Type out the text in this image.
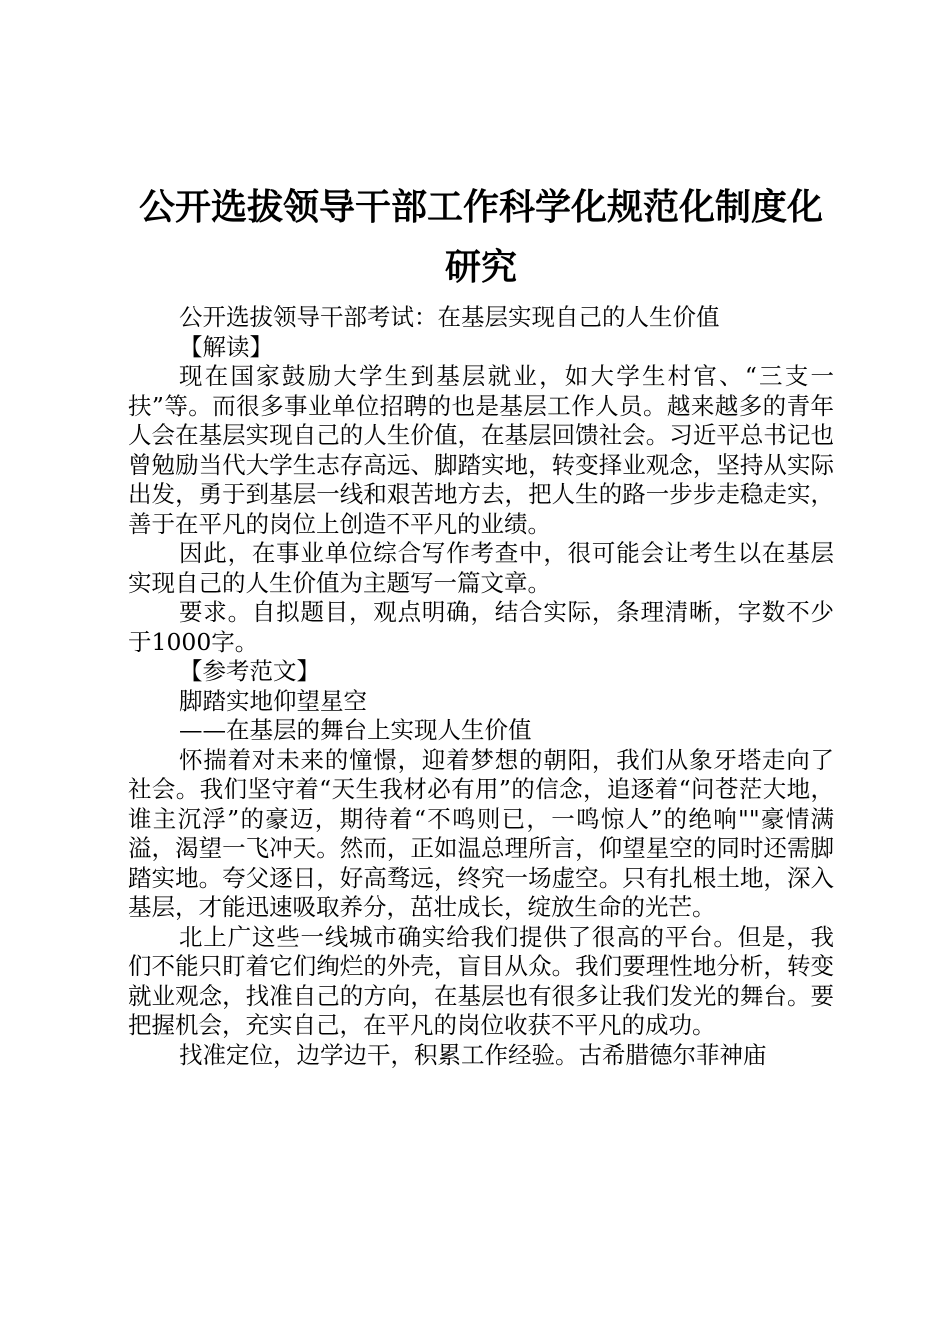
公开选拔领导干部工作科学化规范化制度化研究

公开选拔领导干部考试：在基层实现自己的人生价值

【解读】

现在国家鼓励大学生到基层就业，如大学生村官、“三支一扶”等。而很多事业单位招聘的也是基层工作人员。越来越多的青年人会在基层实现自己的人生价值，在基层回馈社会。习近平总书记也曾勉励当代大学生志存高远、脚踏实地，转变择业观念，坚持从实际出发，勇于到基层一线和艰苦地方去，把人生的路一步步走稳走实，善于在平凡的岗位上创造不平凡的业绩。

因此，在事业单位综合写作考查中，很可能会让考生以在基层实现自己的人生价值为主题写一篇文章。

要求。自拟题目，观点明确，结合实际，条理清晰，字数不少于1000字。

【参考范文】

脚踏实地仰望星空

——在基层的舞台上实现人生价值

怀揣着对未来的憧憬，迎着梦想的朝阳，我们从象牙塔走向了社会。我们坚守着“天生我材必有用”的信念，追逐着“问苍茫大地，谁主沉浮”的豪迈，期待着“不鸣则已，一鸣惊人”的绝响""豪情满溢，渴望一飞冲天。然而，正如温总理所言，仰望星空的同时还需脚踏实地。夸父逐日，好高骛远，终究一场虚空。只有扎根土地，深入基层，才能迅速吸取养分，茁壮成长，绽放生命的光芒。

北上广这些一线城市确实给我们提供了很高的平台。但是，我们不能只盯着它们绚烂的外壳，盲目从众。我们要理性地分析，转变就业观念，找准自己的方向，在基层也有很多让我们发光的舞台。要把握机会，充实自己，在平凡的岗位收获不平凡的成功。

找准定位，边学边干，积累工作经验。古希腊德尔菲神庙
